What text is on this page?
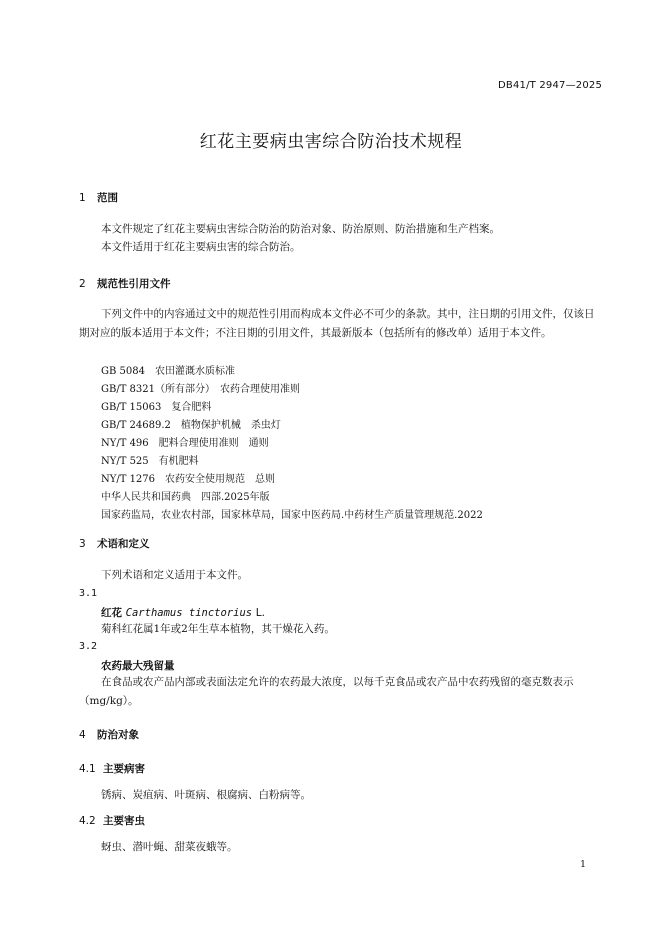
DB41/T 2947—2025
红花主要病虫害综合防治技术规程
1 范围
本文件规定了红花主要病虫害综合防治的防治对象、防治原则、防治措施和生产档案。
本文件适用于红花主要病虫害的综合防治。
2 规范性引用文件
下列文件中的内容通过文中的规范性引用而构成本文件必不可少的条款。其中，注日期的引用文件，仅该日期对应的版本适用于本文件；不注日期的引用文件，其最新版本（包括所有的修改单）适用于本文件。
GB 5084　农田灌溉水质标准
GB/T 8321（所有部分）　农药合理使用准则
GB/T 15063　复合肥料
GB/T 24689.2　植物保护机械　杀虫灯
NY/T 496　肥料合理使用准则　通则
NY/T 525　有机肥料
NY/T 1276　农药安全使用规范　总则
中华人民共和国药典　四部.2025年版
国家药监局，农业农村部，国家林草局，国家中医药局.中药材生产质量管理规范.2022
3 术语和定义
下列术语和定义适用于本文件。
3.1
红花 Carthamus tinctorius L.
菊科红花属1年或2年生草本植物，其干燥花入药。
3.2
农药最大残留量
在食品或农产品内部或表面法定允许的农药最大浓度，以每千克食品或农产品中农药残留的毫克数表示（mg/kg）。
4 防治对象
4.1 主要病害
锈病、炭疽病、叶斑病、根腐病、白粉病等。
4.2 主要害虫
蚜虫、潜叶蝇、甜菜夜蛾等。
1
